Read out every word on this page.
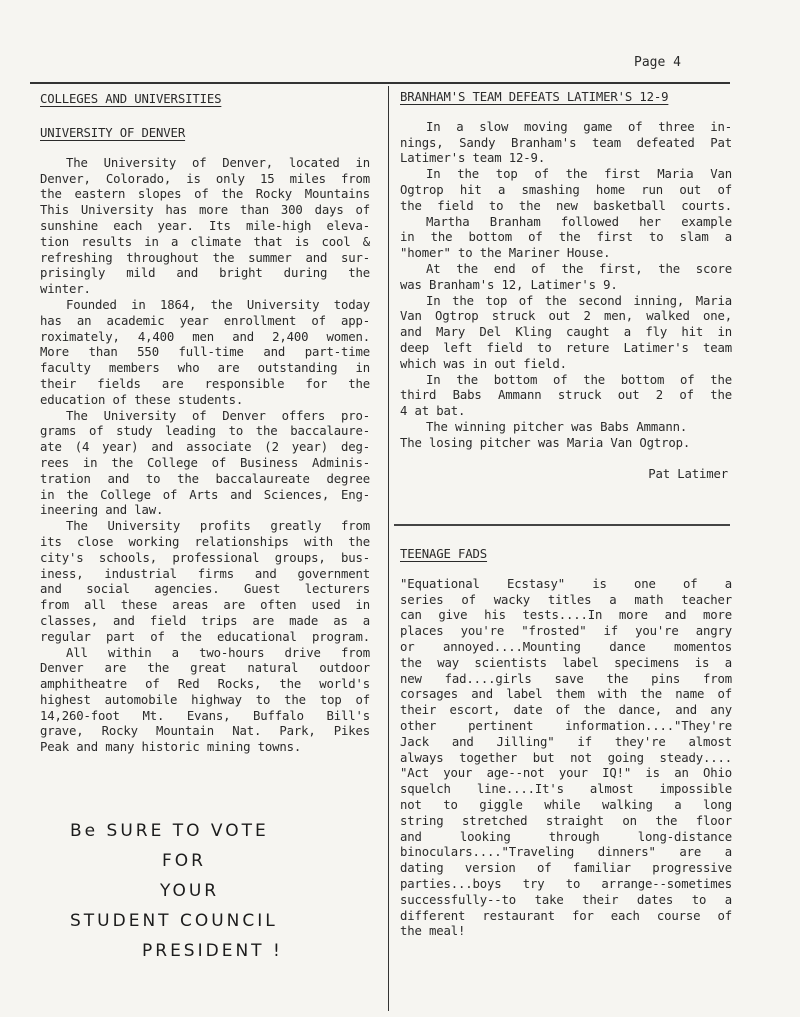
Page 4
COLLEGES AND UNIVERSITIES
UNIVERSITY OF DENVER
The University of Denver, located in
Denver, Colorado, is only 15 miles from
the eastern slopes of the Rocky Mountains
This University has more than 300 days of
sunshine each year. Its mile-high eleva-
tion results in a climate that is cool &
refreshing throughout the summer and sur-
prisingly mild and bright during the
winter.
Founded in 1864, the University today
has an academic year enrollment of app-
roximately, 4,400 men and 2,400 women.
More than 550 full-time and part-time
faculty members who are outstanding in
their fields are responsible for the
education of these students.
The University of Denver offers pro-
grams of study leading to the baccalaure-
ate (4 year) and associate (2 year) deg-
rees in the College of Business Adminis-
tration and to the baccalaureate degree
in the College of Arts and Sciences, Eng-
ineering and law.
The University profits greatly from
its close working relationships with the
city's schools, professional groups, bus-
iness, industrial firms and government
and social agencies. Guest lecturers
from all these areas are often used in
classes, and field trips are made as a
regular part of the educational program.
All within a two-hours drive from
Denver are the great natural outdoor
amphitheatre of Red Rocks, the world's
highest automobile highway to the top of
14,260-foot Mt. Evans, Buffalo Bill's
grave, Rocky Mountain Nat. Park, Pikes
Peak and many historic mining towns.
Be SURE TO VOTE
FOR
YOUR
STUDENT COUNCIL
PRESIDENT !
BRANHAM'S TEAM DEFEATS LATIMER'S 12-9
In a slow moving game of three in-
nings, Sandy Branham's team defeated Pat
Latimer's team 12-9.
In the top of the first Maria Van
Ogtrop hit a smashing home run out of
the field to the new basketball courts.
Martha Branham followed her example
in the bottom of the first to slam a
"homer" to the Mariner House.
At the end of the first, the score
was Branham's 12, Latimer's 9.
In the top of the second inning, Maria
Van Ogtrop struck out 2 men, walked one,
and Mary Del Kling caught a fly hit in
deep left field to reture Latimer's team
which was in out field.
In the bottom of the bottom of the
third Babs Ammann struck out 2 of the
4 at bat.
The winning pitcher was Babs Ammann.
The losing pitcher was Maria Van Ogtrop.
Pat Latimer
TEENAGE FADS
"Equational Ecstasy" is one of a
series of wacky titles a math teacher
can give his tests....In more and more
places you're "frosted" if you're angry
or annoyed....Mounting dance momentos
the way scientists label specimens is a
new fad....girls save the pins from
corsages and label them with the name of
their escort, date of the dance, and any
other pertinent information...."They're
Jack and Jilling" if they're almost
always together but not going steady....
"Act your age--not your IQ!" is an Ohio
squelch line....It's almost impossible
not to giggle while walking a long
string stretched straight on the floor
and looking through long-distance
binoculars...."Traveling dinners" are a
dating version of familiar progressive
parties...boys try to arrange--sometimes
successfully--to take their dates to a
different restaurant for each course of
the meal!
